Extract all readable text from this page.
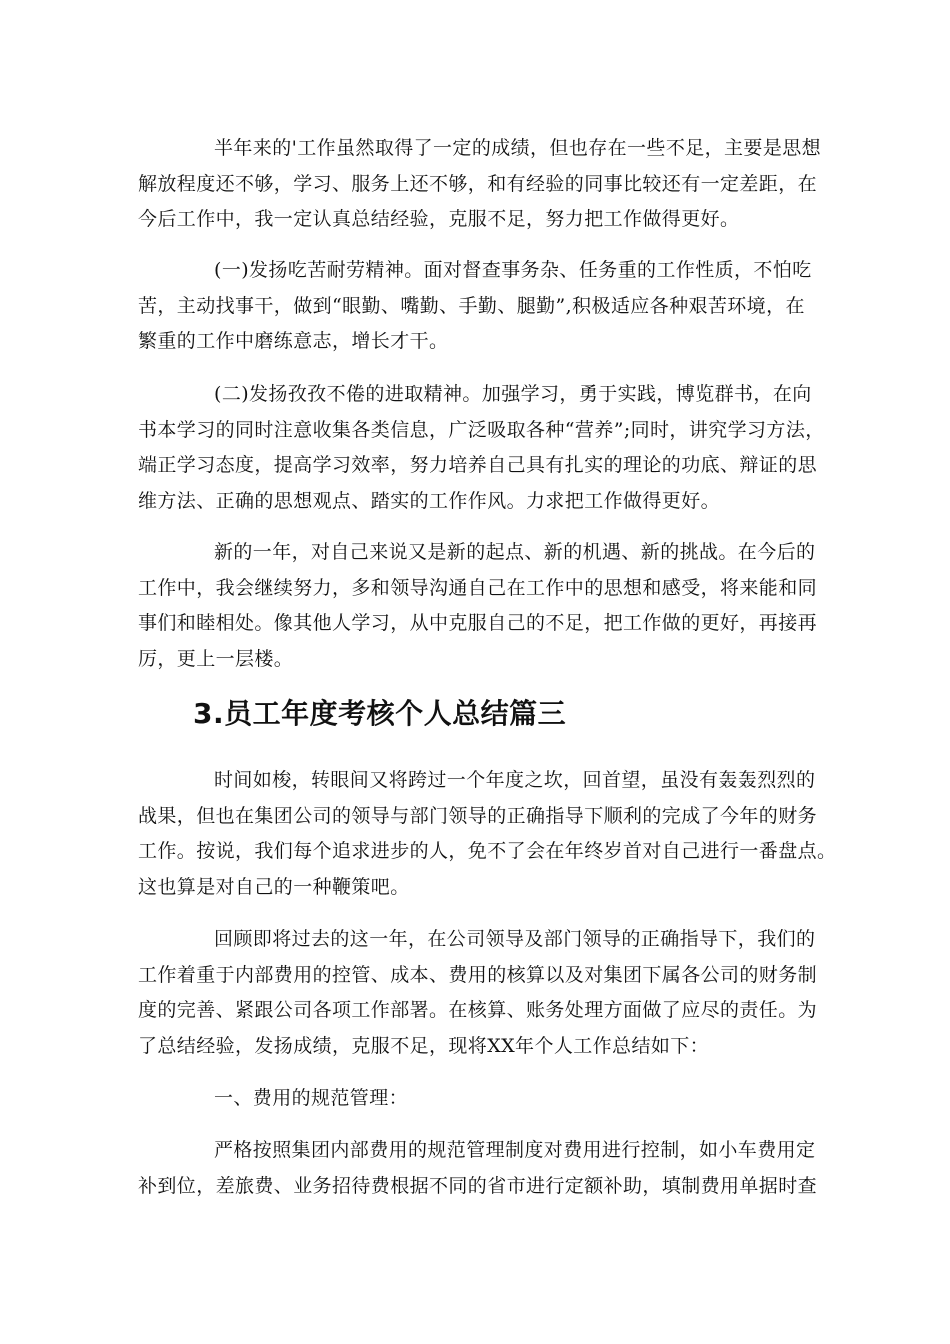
半年来的'工作虽然取得了一定的成绩，但也存在一些不足，主要是思想
解放程度还不够，学习、服务上还不够，和有经验的同事比较还有一定差距，在
今后工作中，我一定认真总结经验，克服不足，努力把工作做得更好。
(一)发扬吃苦耐劳精神。面对督查事务杂、任务重的工作性质，不怕吃
苦，主动找事干，做到“眼勤、嘴勤、手勤、腿勤”,积极适应各种艰苦环境，在
繁重的工作中磨练意志，增长才干。
(二)发扬孜孜不倦的进取精神。加强学习，勇于实践，博览群书，在向
书本学习的同时注意收集各类信息，广泛吸取各种“营养”;同时，讲究学习方法，
端正学习态度，提高学习效率，努力培养自己具有扎实的理论的功底、辩证的思
维方法、正确的思想观点、踏实的工作作风。力求把工作做得更好。
新的一年，对自己来说又是新的起点、新的机遇、新的挑战。在今后的
工作中，我会继续努力，多和领导沟通自己在工作中的思想和感受，将来能和同
事们和睦相处。像其他人学习，从中克服自己的不足，把工作做的更好，再接再
厉，更上一层楼。
3.员工年度考核个人总结篇三
时间如梭，转眼间又将跨过一个年度之坎，回首望，虽没有轰轰烈烈的
战果，但也在集团公司的领导与部门领导的正确指导下顺利的完成了今年的财务
工作。按说，我们每个追求进步的人，免不了会在年终岁首对自己进行一番盘点。
这也算是对自己的一种鞭策吧。
回顾即将过去的这一年，在公司领导及部门领导的正确指导下，我们的
工作着重于内部费用的控管、成本、费用的核算以及对集团下属各公司的财务制
度的完善、紧跟公司各项工作部署。在核算、账务处理方面做了应尽的责任。为
了总结经验，发扬成绩，克服不足，现将XX年个人工作总结如下：
一、费用的规范管理：
严格按照集团内部费用的规范管理制度对费用进行控制，如小车费用定
补到位，差旅费、业务招待费根据不同的省市进行定额补助，填制费用单据时查
